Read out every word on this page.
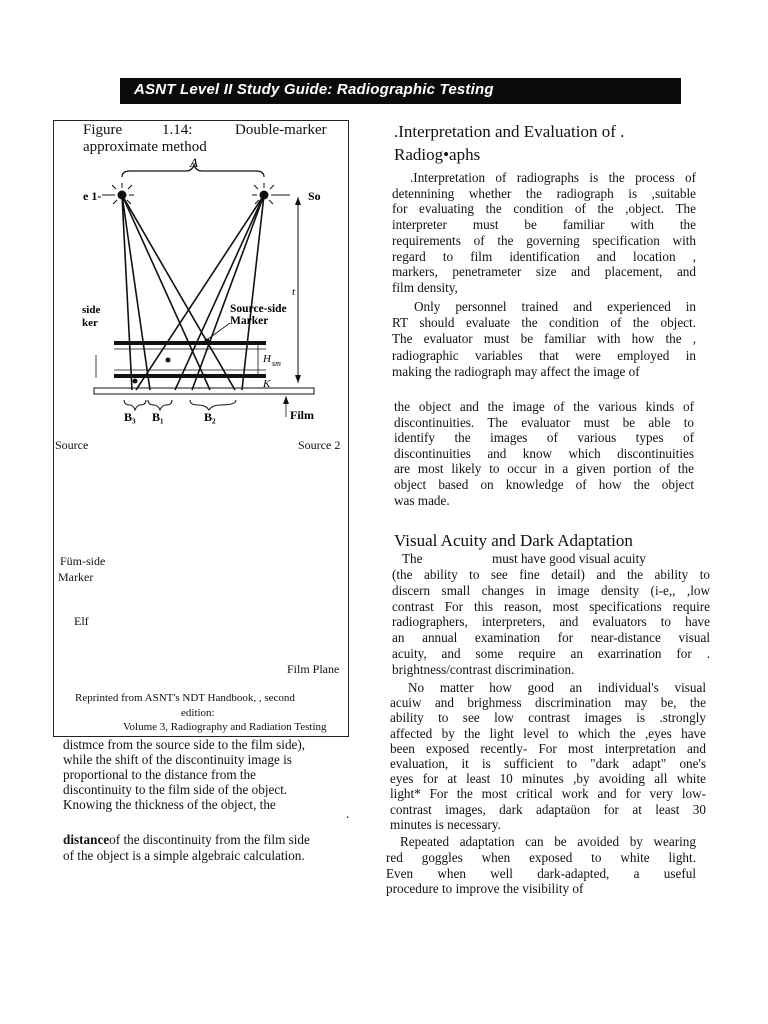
ASNT Level II Study Guide: Radiographic Testing
Figure	1.14:	Double-marker
approximate method
A
e 1-	So
t
side
ker
Source-side
Marker
H sm
K
B₃ B₁	B₂	Film
Source	Source 2
Füm-side
Marker
Elf
Film Plane
Reprinted from ASNT's NDT Handbook, , second
edition:
Volume 3, Radiography and Radiation Testing
distmce from the source side to the film side),
while the shift of the discontinuity image is
proportional to the distance from the
discontinuity to the film side of the object.
Knowing the thickness of the object, the
.
distanceof the discontinuity from the film side
of the object is a simple algebraic calculation.
.Interpretation and Evaluation of .
Radiog•aphs
.Interpretation of radiographs is the process of
detennining whether the radiograph is ,suitable
for evaluating the condition of the ,object. The
interpreter must be familiar with the
requirements of the governing specification with
regard to film identification and location ,
markers, penetrameter size and placement, and
film density,
Only personnel trained and experienced in
RT should evaluate the condition of the object.
The evaluator must be familiar with how the ,
radiographic variables that were employed in
making the radiograph may affect the image of
the object and the image of the various kinds of
discontinuities. The evaluator must be able to
identify the images of various types of
discontinuities and know which discontinuities
are most likely to occur in a given portion of the
object based on knowledge of how the object
was made.
Visual Acuity and Dark Adaptation
The	must have good visual acuity
(the ability to see fine detail) and the ability to
discern small changes in image density (i-e,, ,low
contrast For this reason, most specifications require
radiographers, interpreters, and evaluators to have
an annual examination for near-distance visual
acuity, and some require an exarrination for .
brightness/contrast discrimination.
No matter how good an individual's visual
acuiw and brighmess discrimination may be, the
ability to see low contrast images is .strongly
affected by the light level to which the ,eyes have
been exposed recently- For most interpretation and
evaluation, it is sufficient to "dark adapt" one's
eyes for at least 10 minutes ,by avoiding all white
light* For the most critical work and for very low-
contrast images, dark adaptaüon for at least 30
minutes is necessary.
Repeated adaptation can be avoided by wearing
red goggles when exposed to white light.
Even when well dark-adapted, a useful
procedure to improve the visibility of
